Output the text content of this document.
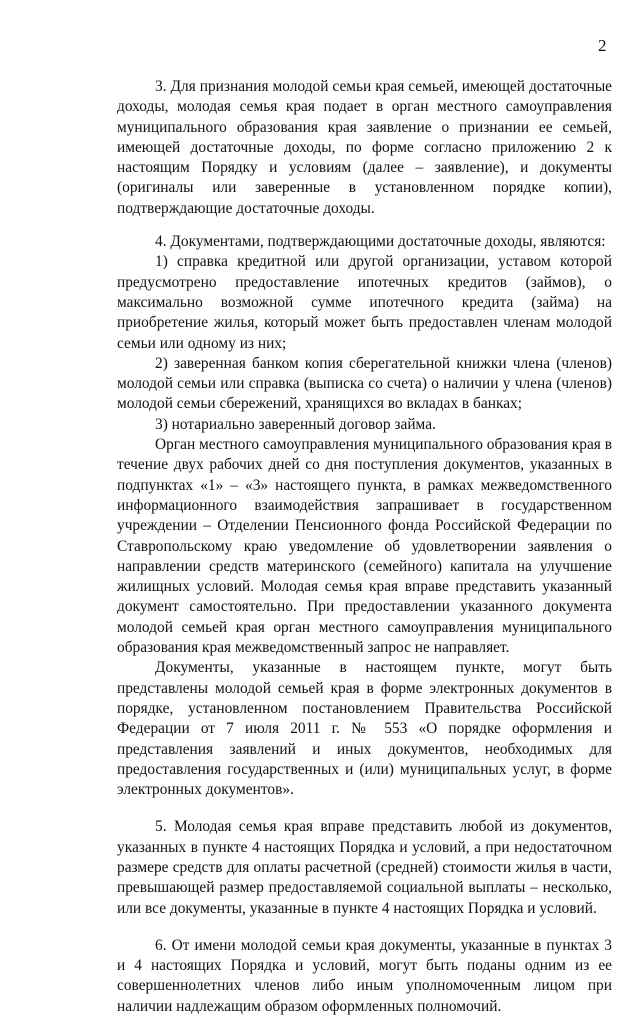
2

3. Для признания молодой семьи края семьей, имеющей достаточные доходы, молодая семья края подает в орган местного самоуправления муниципального образования края заявление о признании ее семьей, имеющей достаточные доходы, по форме согласно приложению 2 к настоящим Порядку и условиям (далее – заявление), и документы (оригиналы или заверенные в установленном порядке копии), подтверждающие достаточные доходы.

4. Документами, подтверждающими достаточные доходы, являются:

1) справка кредитной или другой организации, уставом которой предусмотрено предоставление ипотечных кредитов (займов), о максимально возможной сумме ипотечного кредита (займа) на приобретение жилья, который может быть предоставлен членам молодой семьи или одному из них;

2) заверенная банком копия сберегательной книжки члена (членов) молодой семьи или справка (выписка со счета) о наличии у члена (членов) молодой семьи сбережений, хранящихся во вкладах в банках;

3) нотариально заверенный договор займа.

Орган местного самоуправления муниципального образования края в течение двух рабочих дней со дня поступления документов, указанных в подпунктах «1» – «3» настоящего пункта, в рамках межведомственного информационного взаимодействия запрашивает в государственном учреждении – Отделении Пенсионного фонда Российской Федерации по Ставропольскому краю уведомление об удовлетворении заявления о направлении средств материнского (семейного) капитала на улучшение жилищных условий. Молодая семья края вправе представить указанный документ самостоятельно. При предоставлении указанного документа молодой семьей края орган местного самоуправления муниципального образования края межведомственный запрос не направляет.

Документы, указанные в настоящем пункте, могут быть представлены молодой семьей края в форме электронных документов в порядке, установленном постановлением Правительства Российской Федерации от 7 июля 2011 г. № 553 «О порядке оформления и представления заявлений и иных документов, необходимых для предоставления государственных и (или) муниципальных услуг, в форме электронных документов».

5. Молодая семья края вправе представить любой из документов, указанных в пункте 4 настоящих Порядка и условий, а при недостаточном размере средств для оплаты расчетной (средней) стоимости жилья в части, превышающей размер предоставляемой социальной выплаты – несколько, или все документы, указанные в пункте 4 настоящих Порядка и условий.

6. От имени молодой семьи края документы, указанные в пунктах 3 и 4 настоящих Порядка и условий, могут быть поданы одним из ее совершеннолетних членов либо иным уполномоченным лицом при наличии надлежащим образом оформленных полномочий.
